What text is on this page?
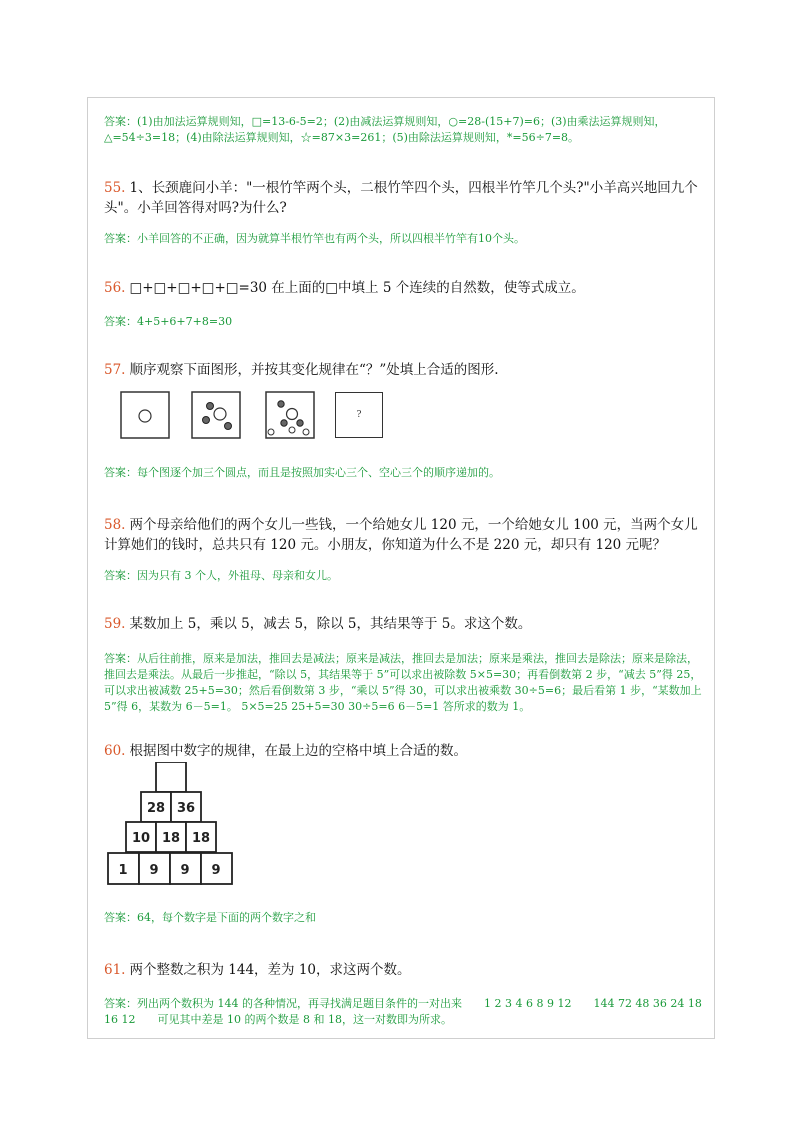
答案：(1)由加法运算规则知，□=13-6-5=2；(2)由减法运算规则知，○=28-(15+7)=6；(3)由乘法运算规则知，△=54÷3=18；(4)由除法运算规则知，☆=87×3=261；(5)由除法运算规则知，*=56÷7=8。
55. 1、长颈鹿问小羊："一根竹竿两个头，二根竹竿四个头，四根半竹竿几个头?"小羊高兴地回九个头"。小羊回答得对吗?为什么?
答案：小羊回答的不正确，因为就算半根竹竿也有两个头，所以四根半竹竿有10个头。
56. □+□+□+□+□=30 在上面的□中填上 5 个连续的自然数，使等式成立。
答案：4+5+6+7+8=30
57. 顺序观察下面图形，并按其变化规律在“？”处填上合适的图形.
?
答案：每个图逐个加三个圆点，而且是按照加实心三个、空心三个的顺序递加的。
58. 两个母亲给他们的两个女儿一些钱，一个给她女儿 120 元，一个给她女儿 100 元，当两个女儿计算她们的钱时，总共只有 120 元。小朋友，你知道为什么不是 220 元，却只有 120 元呢？
答案：因为只有 3 个人，外祖母、母亲和女儿。
59. 某数加上 5，乘以 5，减去 5，除以 5，其结果等于 5。求这个数。
答案：从后往前推，原来是加法，推回去是减法；原来是减法，推回去是加法；原来是乘法，推回去是除法；原来是除法，推回去是乘法。从最后一步推起，“除以 5，其结果等于 5”可以求出被除数 5×5=30；再看倒数第 2 步，“减去 5”得 25，可以求出被减数 25+5=30；然后看倒数第 3 步，“乘以 5”得 30，可以求出被乘数 30÷5=6；最后看第 1 步，“某数加上 5”得 6，某数为 6－5=1。 5×5=25 25+5=30 30÷5=6 6－5=1 答所求的数为 1。
60. 根据图中数字的规律，在最上边的空格中填上合适的数。
28 36
10 18 18
1 9 9 9
答案：64，每个数字是下面的两个数字之和
61. 两个整数之积为 144，差为 10，求这两个数。
答案：列出两个数积为 144 的各种情况，再寻找满足题目条件的一对出来　　1 2 3 4 6 8 9 12　　144 72 48 36 24 18 16 12　　可见其中差是 10 的两个数是 8 和 18，这一对数即为所求。
